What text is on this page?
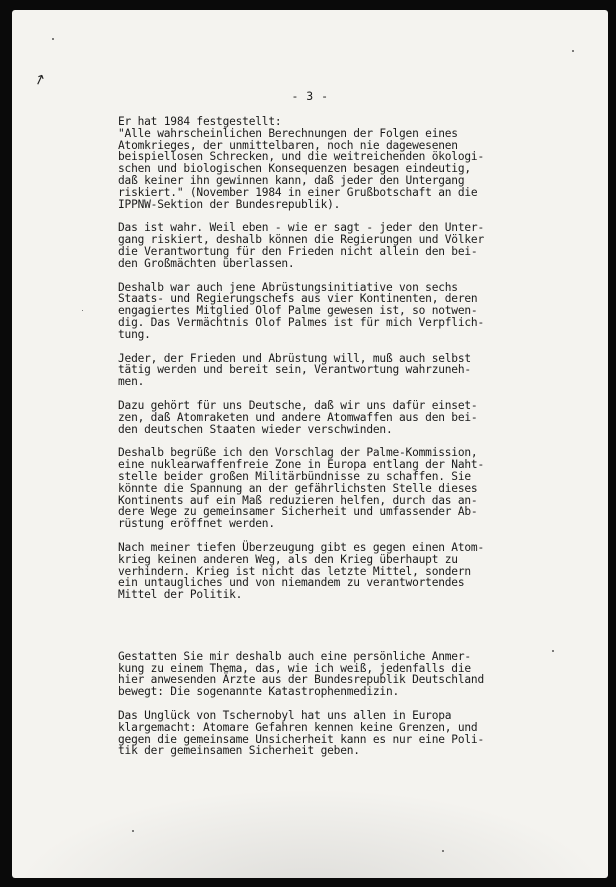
↗
- 3 -
Er hat 1984 festgestellt:
"Alle wahrscheinlichen Berechnungen der Folgen eines
Atomkrieges, der unmittelbaren, noch nie dagewesenen
beispiellosen Schrecken, und die weitreichenden ökologi-
schen und biologischen Konsequenzen besagen eindeutig,
daß keiner ihn gewinnen kann, daß jeder den Untergang
riskiert." (November 1984 in einer Grußbotschaft an die
IPPNW-Sektion der Bundesrepublik).
Das ist wahr. Weil eben - wie er sagt - jeder den Unter-
gang riskiert, deshalb können die Regierungen und Völker
die Verantwortung für den Frieden nicht allein den bei-
den Großmächten überlassen.
Deshalb war auch jene Abrüstungsinitiative von sechs
Staats- und Regierungschefs aus vier Kontinenten, deren
engagiertes Mitglied Olof Palme gewesen ist, so notwen-
dig. Das Vermächtnis Olof Palmes ist für mich Verpflich-
tung.
Jeder, der Frieden und Abrüstung will, muß auch selbst
tätig werden und bereit sein, Verantwortung wahrzuneh-
men.
Dazu gehört für uns Deutsche, daß wir uns dafür einset-
zen, daß Atomraketen und andere Atomwaffen aus den bei-
den deutschen Staaten wieder verschwinden.
Deshalb begrüße ich den Vorschlag der Palme-Kommission,
eine nuklearwaffenfreie Zone in Europa entlang der Naht-
stelle beider großen Militärbündnisse zu schaffen. Sie
könnte die Spannung an der gefährlichsten Stelle dieses
Kontinents auf ein Maß reduzieren helfen, durch das an-
dere Wege zu gemeinsamer Sicherheit und umfassender Ab-
rüstung eröffnet werden.
Nach meiner tiefen Überzeugung gibt es gegen einen Atom-
krieg keinen anderen Weg, als den Krieg überhaupt zu
verhindern. Krieg ist nicht das letzte Mittel, sondern
ein untaugliches und von niemandem zu verantwortendes
Mittel der Politik.
Gestatten Sie mir deshalb auch eine persönliche Anmer-
kung zu einem Thema, das, wie ich weiß, jedenfalls die
hier anwesenden Ärzte aus der Bundesrepublik Deutschland
bewegt: Die sogenannte Katastrophenmedizin.
Das Unglück von Tschernobyl hat uns allen in Europa
klargemacht: Atomare Gefahren kennen keine Grenzen, und
gegen die gemeinsame Unsicherheit kann es nur eine Poli-
tik der gemeinsamen Sicherheit geben.
